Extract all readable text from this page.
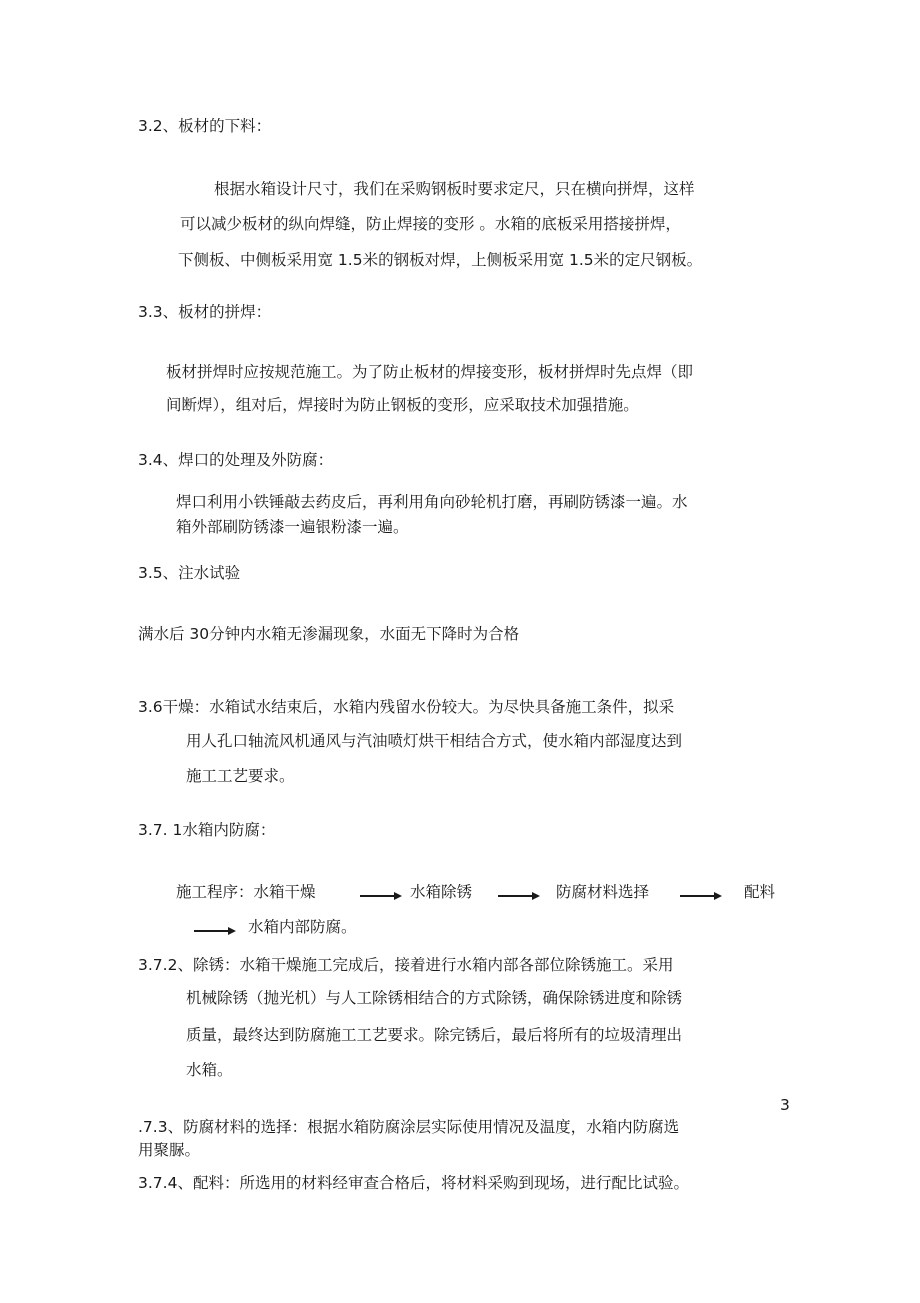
3.2、板材的下料：
根据水箱设计尺寸，我们在采购钢板时要求定尺，只在横向拼焊，这样
可以减少板材的纵向焊缝，防止焊接的变形 。水箱的底板采用搭接拼焊，
下侧板、中侧板采用宽 1.5米的钢板对焊，上侧板采用宽 1.5米的定尺钢板。
3.3、板材的拼焊：
板材拼焊时应按规范施工。为了防止板材的焊接变形，板材拼焊时先点焊（即
间断焊），组对后，焊接时为防止钢板的变形，应采取技术加强措施。
3.4、焊口的处理及外防腐：
焊口利用小铁锤敲去药皮后，再利用角向砂轮机打磨，再刷防锈漆一遍。水
箱外部刷防锈漆一遍银粉漆一遍。
3.5、注水试验
满水后 30分钟内水箱无渗漏现象，水面无下降时为合格
3.6干燥：水箱试水结束后，水箱内残留水份较大。为尽快具备施工条件，拟采
用人孔口轴流风机通风与汽油喷灯烘干相结合方式，使水箱内部湿度达到
施工工艺要求。
3.7. 1水箱内防腐：
施工程序：水箱干燥	水箱除锈	防腐材料选择	配料
水箱内部防腐。
3.7.2、除锈：水箱干燥施工完成后，接着进行水箱内部各部位除锈施工。采用
机械除锈（抛光机）与人工除锈相结合的方式除锈，确保除锈进度和除锈
质量，最终达到防腐施工工艺要求。除完锈后，最后将所有的垃圾清理出
水箱。
3
.7.3、防腐材料的选择：根据水箱防腐涂层实际使用情况及温度，水箱内防腐选
用聚脲。
3.7.4、配料：所选用的材料经审查合格后，将材料采购到现场，进行配比试验。
